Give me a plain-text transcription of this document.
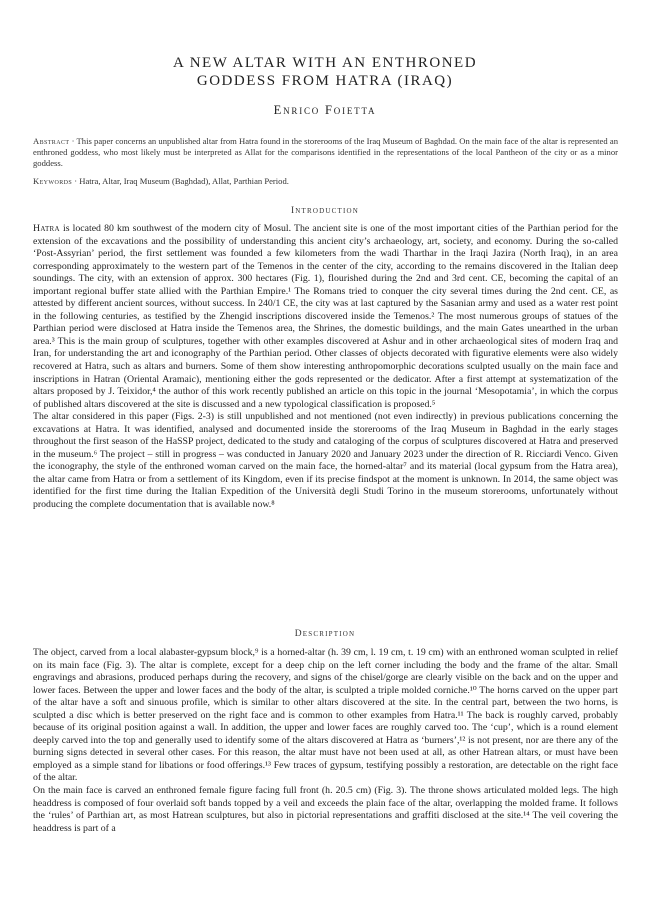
A NEW ALTAR WITH AN ENTHRONED
GODDESS FROM HATRA (IRAQ)
Enrico Foietta
Abstract · This paper concerns an unpublished altar from Hatra found in the storerooms of the Iraq Museum of Baghdad. On the main face of the altar is represented an enthroned goddess, who most likely must be interpreted as Allat for the comparisons identified in the representations of the local Pantheon of the city or as a minor goddess.
Keywords · Hatra, Altar, Iraq Museum (Baghdad), Allat, Parthian Period.
Introduction

Hatra is located 80 km southwest of the modern city of Mosul. The ancient site is one of the most important cities of the Parthian period for the extension of the excavations and the possibility of understanding this ancient city’s archaeology, art, society, and economy. During the so-called ‘Post-Assyrian’ period, the first settlement was founded a few kilometers from the wadi Tharthar in the Iraqi Jazira (North Iraq), in an area corresponding approximately to the western part of the Temenos in the center of the city, according to the remains discovered in the Italian deep soundings. The city, with an extension of approx. 300 hectares (Fig. 1), flourished during the 2nd and 3rd cent. CE, becoming the capital of an important regional buffer state allied with the Parthian Empire.¹ The Romans tried to conquer the city several times during the 2nd cent. CE, as attested by different ancient sources, without success. In 240/1 CE, the city was at last captured by the Sasanian army and used as a water rest point in the following centuries, as testified by the Zhengid inscriptions discovered inside the Temenos.² The most numerous groups of statues of the Parthian period were disclosed at Hatra inside the Temenos area, the Shrines, the domestic buildings, and the main Gates unearthed in the urban area.³ This is the main group of sculptures, together with other examples discovered at Ashur and in other archaeological sites of modern Iraq and Iran, for understanding the art and iconography of the Parthian period. Other classes of objects decorated with figurative elements were also widely recovered at Hatra, such as altars and burners. Some of them show interesting anthropomorphic decorations sculpted usually on the main face and inscriptions in Hatran (Oriental Aramaic), mentioning either the gods represented or the dedicator. After a first attempt at systematization of the altars proposed by J. Teixidor,⁴ the author of this work recently published an article on this topic in the journal ‘Mesopotamia’, in which the corpus of published altars discovered at the site is discussed and a new typological classification is proposed.⁵

The altar considered in this paper (Figs. 2-3) is still unpublished and not mentioned (not even indirectly) in previous publications concerning the excavations at Hatra. It was identified, analysed and documented inside the storerooms of the Iraq Museum in Baghdad in the early stages throughout the first season of the HaSSP project, dedicated to the study and cataloging of the corpus of sculptures discovered at Hatra and preserved in the museum.⁶ The project – still in progress – was conducted in January 2020 and January 2023 under the direction of R. Ricciardi Venco. Given the iconography, the style of the enthroned woman carved on the main face, the horned-altar⁷ and its material (local gypsum from the Hatra area), the altar came from Hatra or from a settlement of its Kingdom, even if its precise findspot at the moment is unknown. In 2014, the same object was identified for the first time during the Italian Expedition of the Università degli Studi Torino in the museum storerooms, unfortunately without producing the complete documentation that is available now.⁸

Description

The object, carved from a local alabaster-gypsum block,⁹ is a horned-altar (h. 39 cm, l. 19 cm, t. 19 cm) with an enthroned woman sculpted in relief on its main face (Fig. 3). The altar is complete, except for a deep chip on the left corner including the body and the frame of the altar. Small engravings and abrasions, produced perhaps during the recovery, and signs of the chisel/gorge are clearly visible on the back and on the upper and lower faces. Between the upper and lower faces and the body of the altar, is sculpted a triple molded corniche.¹⁰ The horns carved on the upper part of the altar have a soft and sinuous profile, which is similar to other altars discovered at the site. In the central part, between the two horns, is sculpted a disc which is better preserved on the right face and is common to other examples from Hatra.¹¹ The back is roughly carved, probably because of its original position against a wall. In addition, the upper and lower faces are roughly carved too. The ‘cup’, which is a round element deeply carved into the top and generally used to identify some of the altars discovered at Hatra as ‘burners’,¹² is not present, nor are there any of the burning signs detected in several other cases. For this reason, the altar must have not been used at all, as other Hatrean altars, or must have been employed as a simple stand for libations or food offerings.¹³ Few traces of gypsum, testifying possibly a restoration, are detectable on the right face of the altar.

On the main face is carved an enthroned female figure facing full front (h. 20.5 cm) (Fig. 3). The throne shows articulated molded legs. The high headdress is composed of four overlaid soft bands topped by a veil and exceeds the plain face of the altar, overlapping the molded frame. It follows the ‘rules’ of Parthian art, as most Hatrean sculptures, but also in pictorial representations and graffiti disclosed at the site.¹⁴ The veil covering the headdress is part of a
